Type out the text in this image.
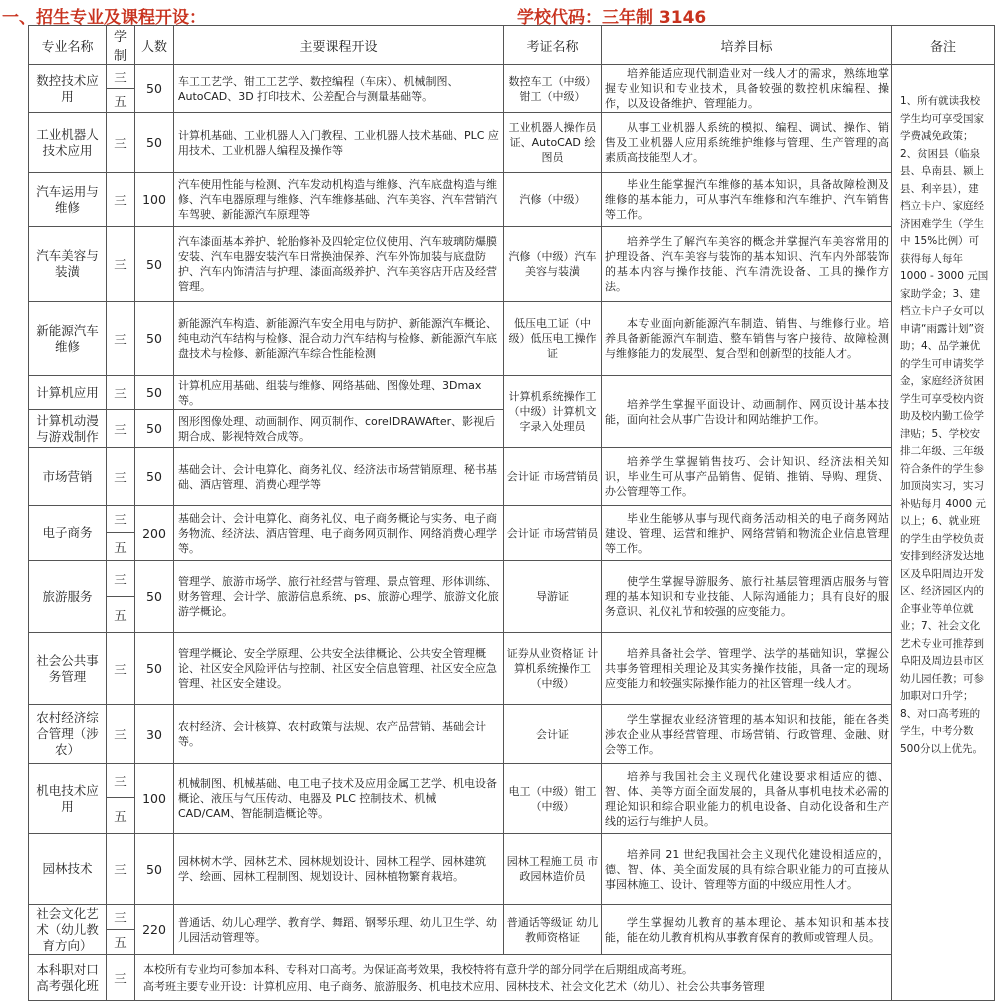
一、招生专业及课程开设：	学校代码：三年制 3146
专业名称	学制	人数	主要课程开设	考证名称	培养目标	备注
数控技术应用	三	50	车工工艺学、钳工工艺学、数控编程（车床）、机械制图、AutoCAD、3D 打印技术、公差配合与测量基础等。	数控车工（中级）钳工（中级）	培养能适应现代制造业对一线人才的需求，熟练地掌握专业知识和专业技术，具备较强的数控机床编程、操作，以及设备维护、管理能力。	1、所有就读我校学生均可享受国家学费减免政策；2、贫困县（临泉县、阜南县、颍上县、利辛县），建档立卡户、家庭经济困难学生（学生中 15%比例）可获得每人每年 1000 - 3000 元国家助学金；3、建档立卡户子女可以申请“雨露计划”资助；4、品学兼优的学生可申请奖学金，家庭经济贫困学生可享受校内资助及校内勤工俭学津贴；5、学校安排二年级、三年级符合条件的学生参加顶岗实习，实习补贴每月 4000 元以上；6、就业班的学生由学校负责安排到经济发达地区及阜阳周边开发区、经济园区内的企事业等单位就业；7、社会文化艺术专业可推荐到阜阳及周边县市区幼儿园任教；可参加职对口升学；8、对口高考班的学生，中考分数500分以上优先。
	五					
工业机器人技术应用	三	50	计算机基础、工业机器人入门教程、工业机器人技术基础、PLC 应用技术、工业机器人编程及操作等	工业机器人操作员证、AutoCAD 绘图员	从事工业机器人系统的模拟、编程、调试、操作、销售及工业机器人应用系统维护维修与管理、生产管理的高素质高技能型人才。	
汽车运用与维修	三	100	汽车使用性能与检测、汽车发动机构造与维修、汽车底盘构造与维修、汽车电器原理与维修、汽车维修基础、汽车美容、汽车营销汽车驾驶、新能源汽车原理等	汽修（中级）	毕业生能掌握汽车维修的基本知识，具备故障检测及维修的基本能力，可从事汽车维修和汽车维护、汽车销售等工作。	
汽车美容与装潢	三	50	汽车漆面基本养护、轮胎修补及四轮定位仪使用、汽车玻璃防爆膜安装、汽车电器安装汽车日常换油保养、汽车外饰加装与底盘防护、汽车内饰清洁与护理、漆面高级养护、汽车美容店开店及经营管理。	汽修（中级）汽车美容与装潢	培养学生了解汽车美容的概念并掌握汽车美容常用的护理设备、汽车美容与装饰的基本知识、汽车内外部装饰的基本内容与操作技能、汽车清洗设备、工具的操作方法。	
新能源汽车维修	三	50	新能源汽车构造、新能源汽车安全用电与防护、新能源汽车概论、纯电动汽车结构与检修、混合动力汽车结构与检修、新能源汽车底盘技术与检修、新能源汽车综合性能检测	低压电工证（中级）低压电工操作证	本专业面向新能源汽车制造、销售、与维修行业。培养具备新能源汽车制造、整车销售与客户接待、故障检测与维修能力的发展型、复合型和创新型的技能人才。	
计算机应用	三	50	计算机应用基础、组装与维修、网络基础、图像处理、3Dmax 等。	计算机系统操作工（中级）计算机文字录入处理员	培养学生掌握平面设计、动画制作、网页设计基本技能，面向社会从事广告设计和网站维护工作。	
计算机动漫与游戏制作	三	50	图形图像处理、动画制作、网页制作、corelDRAWAfter、影视后期合成、影视特效合成等。			
市场营销	三	50	基础会计、会计电算化、商务礼仪、经济法市场营销原理、秘书基础、酒店管理、消费心理学等	会计证 市场营销员	培养学生掌握销售技巧、会计知识、经济法相关知识，毕业生可从事产品销售、促销、推销、导购、理货、办公管理等工作。	
电子商务	三	200	基础会计、会计电算化、商务礼仪、电子商务概论与实务、电子商务物流、经济法、酒店管理、电子商务网页制作、网络消费心理学等。	会计证 市场营销员	毕业生能够从事与现代商务活动相关的电子商务网站建设、管理、运营和维护、网络营销和物流企业信息管理等工作。	
	五					
旅游服务	三	50	管理学、旅游市场学、旅行社经营与管理、景点管理、形体训练、财务管理、会计学、旅游信息系统、ps、旅游心理学、旅游文化旅游学概论。	导游证	使学生掌握导游服务、旅行社基层管理酒店服务与管理的基本知识和专业技能、人际沟通能力；具有良好的服务意识、礼仪礼节和较强的应变能力。	
	五					
社会公共事务管理	三	50	管理学概论、安全学原理、公共安全法律概论、公共安全管理概论、社区安全风险评估与控制、社区安全信息管理、社区安全应急管理、社区安全建设。	证券从业资格证 计算机系统操作工（中级）	培养具备社会学、管理学、法学的基础知识，掌握公共事务管理相关理论及其实务操作技能，具备一定的现场应变能力和较强实际操作能力的社区管理一线人才。	
农村经济综合管理（涉农）	三	30	农村经济、会计核算、农村政策与法规、农产品营销、基础会计等。	会计证	学生掌握农业经济管理的基本知识和技能，能在各类涉农企业从事经营管理、市场营销、行政管理、金融、财会等工作。	
机电技术应用	三	100	机械制图、机械基础、电工电子技术及应用金属工艺学、机电设备概论、液压与气压传动、电器及 PLC 控制技术、机械 CAD/CAM、智能制造概论等。	电工（中级）钳工（中级）	培养与我国社会主义现代化建设要求相适应的德、智、体、美等方面全面发展的，具备从事机电技术必需的理论知识和综合职业能力的机电设备、自动化设备和生产线的运行与维护人员。	
	五					
园林技术	三	50	园林树木学、园林艺术、园林规划设计、园林工程学、园林建筑学、绘画、园林工程制图、规划设计、园林植物繁育栽培。	园林工程施工员 市政园林造价员	培养同 21 世纪我国社会主义现代化建设相适应的，德、智、体、美全面发展的具有综合职业能力的可直接从事园林施工、设计、管理等方面的中级应用性人才。	
社会文化艺术（幼儿教育方向）	三	220	普通话、幼儿心理学、教育学、舞蹈、钢琴乐理、幼儿卫生学、幼儿园活动管理等。	普通话等级证 幼儿教师资格证	学生掌握幼儿教育的基本理论、基本知识和基本技能，能在幼儿教育机构从事教育保育的教师或管理人员。	
	五					
本科职对口高考强化班	三	本校所有专业均可参加本科、专科对口高考。为保证高考效果，我校特将有意升学的部分同学在后期组成高考班。
高考班主要专业开设：计算机应用、电子商务、旅游服务、机电技术应用、园林技术、社会文化艺术（幼儿）、社会公共事务管理				
